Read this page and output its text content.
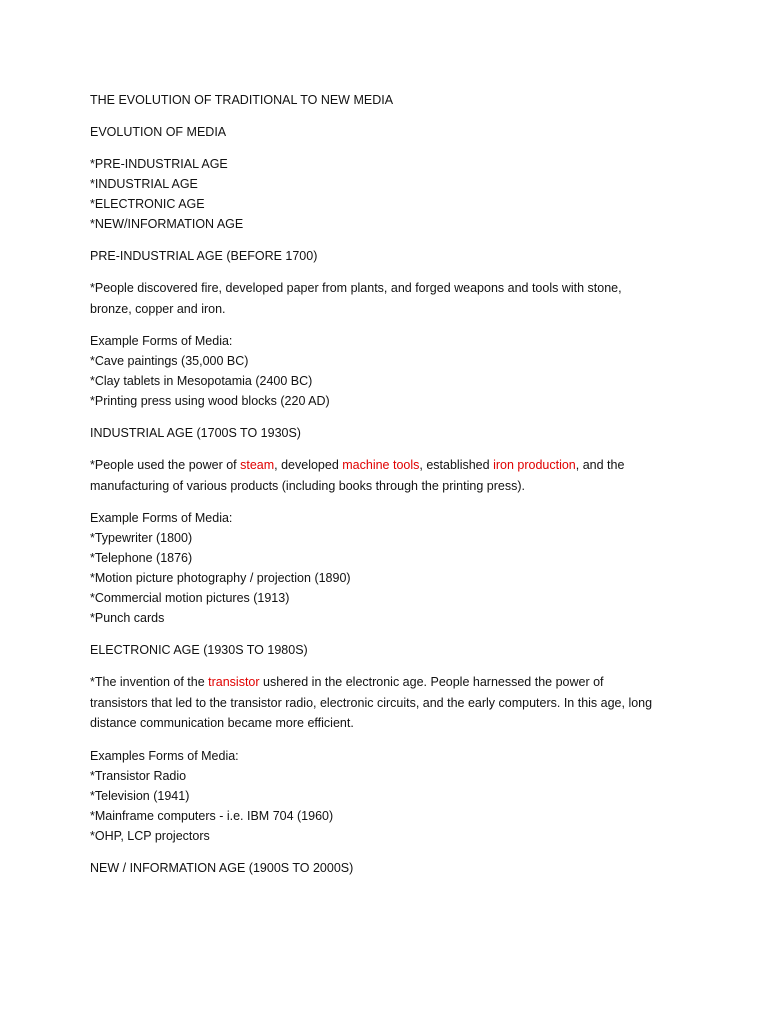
THE EVOLUTION OF TRADITIONAL TO NEW MEDIA
EVOLUTION OF MEDIA
*PRE-INDUSTRIAL AGE
*INDUSTRIAL AGE
*ELECTRONIC AGE
*NEW/INFORMATION AGE
PRE-INDUSTRIAL AGE (BEFORE 1700)
*People discovered fire, developed paper from plants, and forged weapons and tools with stone,
bronze, copper and iron.
Example Forms of Media:
*Cave paintings (35,000 BC)
*Clay tablets in Mesopotamia (2400 BC)
*Printing press using wood blocks (220 AD)
INDUSTRIAL AGE (1700S TO 1930S)
*People used the power of steam, developed machine tools, established iron production, and the
manufacturing of various products (including books through the printing press).
Example Forms of Media:
*Typewriter (1800)
*Telephone (1876)
*Motion picture photography / projection (1890)
*Commercial motion pictures (1913)
*Punch cards
ELECTRONIC AGE (1930S TO 1980S)
*The invention of the transistor ushered in the electronic age. People harnessed the power of
transistors that led to the transistor radio, electronic circuits, and the early computers. In this age, long
distance communication became more efficient.
Examples Forms of Media:
*Transistor Radio
*Television (1941)
*Mainframe computers - i.e. IBM 704 (1960)
*OHP, LCP projectors
NEW / INFORMATION AGE (1900S TO 2000S)
